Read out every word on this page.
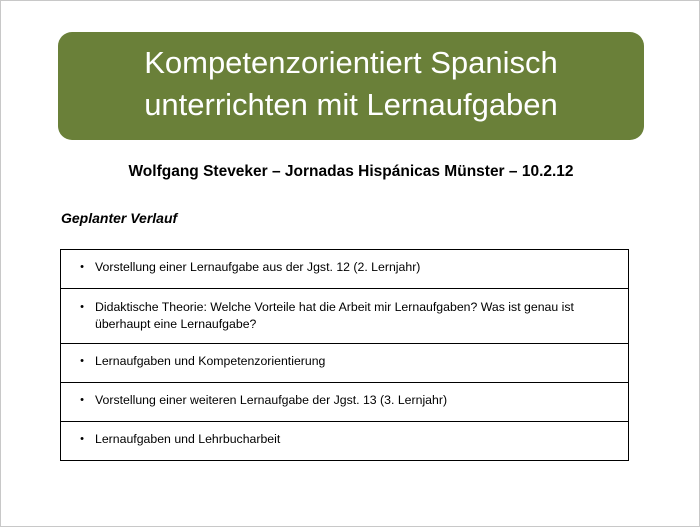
Kompetenzorientiert Spanisch
unterrichten mit Lernaufgaben
Wolfgang Steveker – Jornadas Hispánicas Münster – 10.2.12
Geplanter Verlauf
• Vorstellung einer Lernaufgabe aus der Jgst. 12 (2. Lernjahr)

• Didaktische Theorie: Welche Vorteile hat die Arbeit mir Lernaufgaben? Was ist genau ist überhaupt eine Lernaufgabe?

• Lernaufgaben und Kompetenzorientierung

• Vorstellung einer weiteren Lernaufgabe der Jgst. 13 (3. Lernjahr)

• Lernaufgaben und Lehrbucharbeit
